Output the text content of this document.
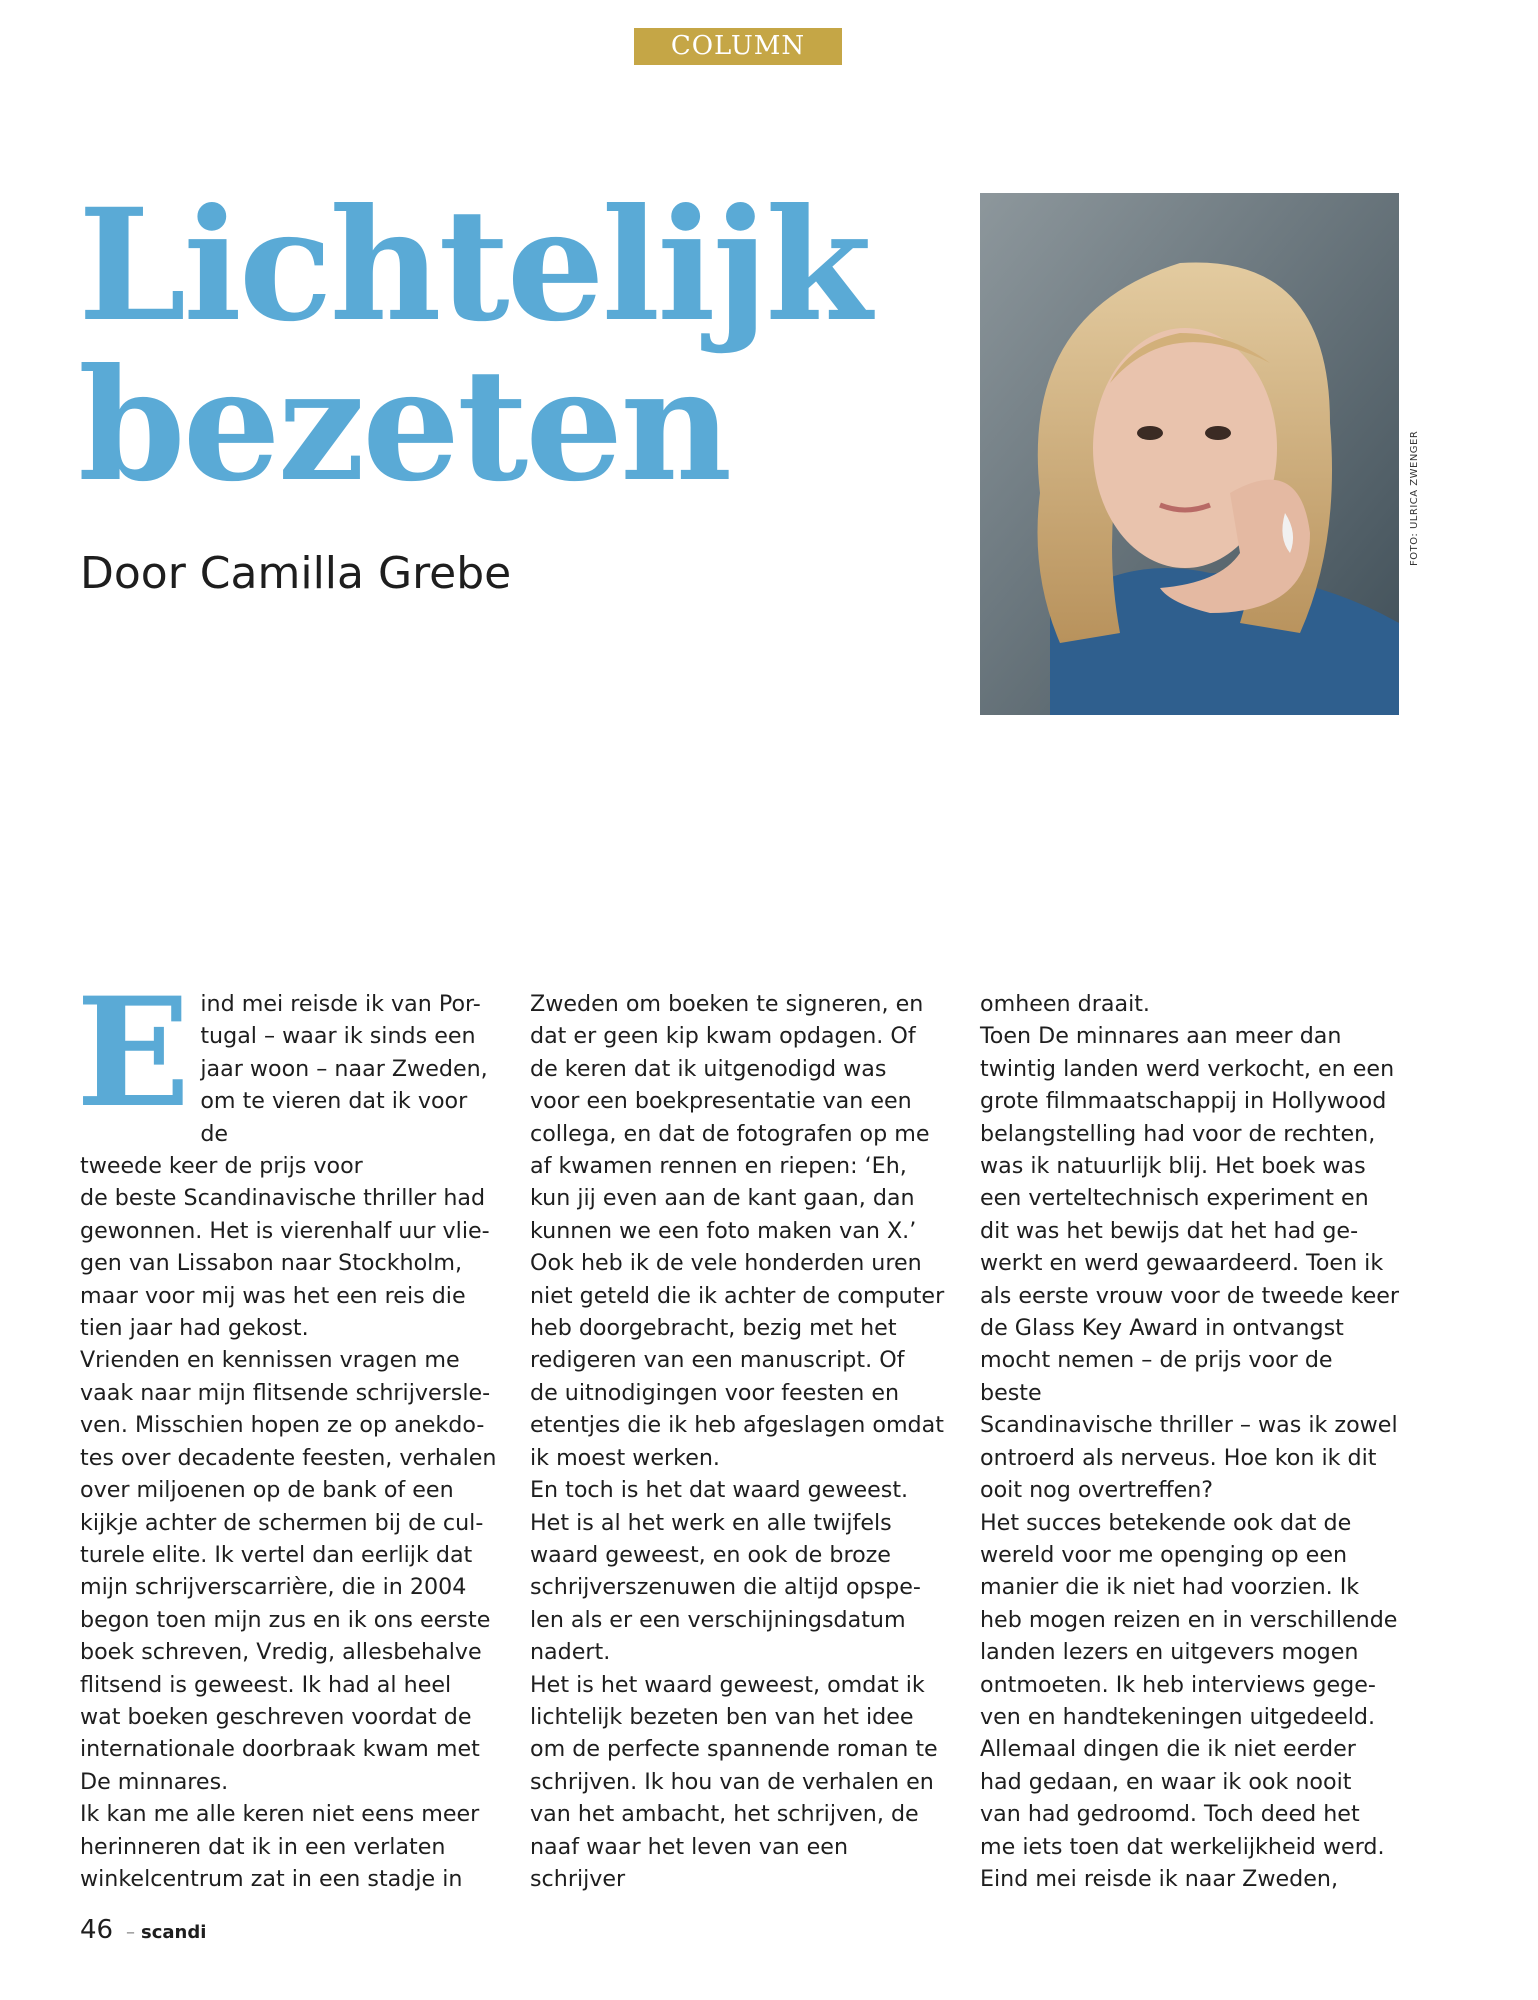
COLUMN
Lichtelijk
bezeten
Door Camilla Grebe
FOTO: ULRICA ZWENGER
E ind mei reisde ik van Por-

tugal – waar ik sinds een

jaar woon – naar Zweden,

om te vieren dat ik voor de

tweede keer de prijs voor

de beste Scandinavische thriller had

gewonnen. Het is vierenhalf uur vlie-

gen van Lissabon naar Stockholm,

maar voor mij was het een reis die

tien jaar had gekost.

Vrienden en kennissen vragen me

vaak naar mijn flitsende schrijversle-

ven. Misschien hopen ze op anekdo-

tes over decadente feesten, verhalen

over miljoenen op de bank of een

kijkje achter de schermen bij de cul-

turele elite. Ik vertel dan eerlijk dat

mijn schrijverscarrière, die in 2004

begon toen mijn zus en ik ons eerste

boek schreven, Vredig, allesbehalve

flitsend is geweest. Ik had al heel

wat boeken geschreven voordat de

internationale doorbraak kwam met

De minnares.

Ik kan me alle keren niet eens meer

herinneren dat ik in een verlaten

winkelcentrum zat in een stadje in

Zweden om boeken te signeren, en

dat er geen kip kwam opdagen. Of

de keren dat ik uitgenodigd was

voor een boekpresentatie van een

collega, en dat de fotografen op me

af kwamen rennen en riepen: ‘Eh,

kun jij even aan de kant gaan, dan

kunnen we een foto maken van X.’

Ook heb ik de vele honderden uren

niet geteld die ik achter de computer

heb doorgebracht, bezig met het

redigeren van een manuscript. Of

de uitnodigingen voor feesten en

etentjes die ik heb afgeslagen omdat

ik moest werken.

En toch is het dat waard geweest.

Het is al het werk en alle twijfels

waard geweest, en ook de broze

schrijverszenuwen die altijd opspe-

len als er een verschijningsdatum

nadert.

Het is het waard geweest, omdat ik

lichtelijk bezeten ben van het idee

om de perfecte spannende roman te

schrijven. Ik hou van de verhalen en

van het ambacht, het schrijven, de

naaf waar het leven van een schrijver

omheen draait.

Toen De minnares aan meer dan

twintig landen werd verkocht, en een

grote filmmaatschappij in Hollywood

belangstelling had voor de rechten,

was ik natuurlijk blij. Het boek was

een verteltechnisch experiment en

dit was het bewijs dat het had ge-

werkt en werd gewaardeerd. Toen ik

als eerste vrouw voor de tweede keer

de Glass Key Award in ontvangst

mocht nemen – de prijs voor de beste

Scandinavische thriller – was ik zowel

ontroerd als nerveus. Hoe kon ik dit

ooit nog overtreffen?

Het succes betekende ook dat de

wereld voor me openging op een

manier die ik niet had voorzien. Ik

heb mogen reizen en in verschillende

landen lezers en uitgevers mogen

ontmoeten. Ik heb interviews gege-

ven en handtekeningen uitgedeeld.

Allemaal dingen die ik niet eerder

had gedaan, en waar ik ook nooit

van had gedroomd. Toch deed het

me iets toen dat werkelijkheid werd.

Eind mei reisde ik naar Zweden,

46 – scandi
